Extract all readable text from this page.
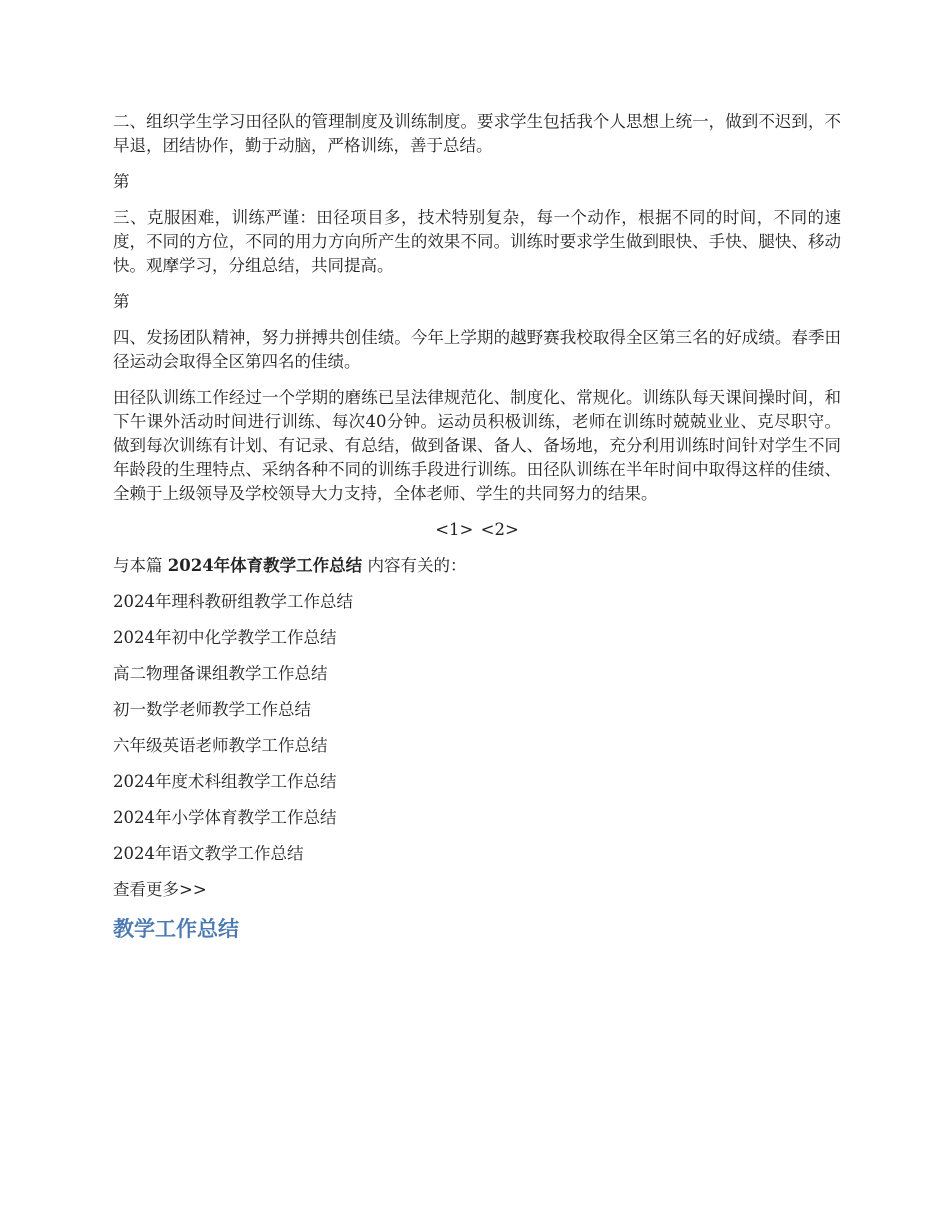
二、组织学生学习田径队的管理制度及训练制度。要求学生包括我个人思想上统一，做到不迟到，不早退，团结协作，勤于动脑，严格训练，善于总结。

第

三、克服困难，训练严谨：田径项目多，技术特别复杂，每一个动作，根据不同的时间，不同的速度，不同的方位，不同的用力方向所产生的效果不同。训练时要求学生做到眼快、手快、腿快、移动快。观摩学习，分组总结，共同提高。

第

四、发扬团队精神，努力拼搏共创佳绩。今年上学期的越野赛我校取得全区第三名的好成绩。春季田径运动会取得全区第四名的佳绩。

田径队训练工作经过一个学期的磨练已呈法律规范化、制度化、常规化。训练队每天课间操时间，和下午课外活动时间进行训练、每次40分钟。运动员积极训练，老师在训练时兢兢业业、克尽职守。做到每次训练有计划、有记录、有总结，做到备课、备人、备场地，充分利用训练时间针对学生不同年龄段的生理特点、采纳各种不同的训练手段进行训练。田径队训练在半年时间中取得这样的佳绩、全赖于上级领导及学校领导大力支持，全体老师、学生的共同努力的结果。

<1> <2>

与本篇 2024年体育教学工作总结 内容有关的：

2024年理科教研组教学工作总结
2024年初中化学教学工作总结
高二物理备课组教学工作总结
初一数学老师教学工作总结
六年级英语老师教学工作总结
2024年度术科组教学工作总结
2024年小学体育教学工作总结
2024年语文教学工作总结
查看更多>>
教学工作总结
